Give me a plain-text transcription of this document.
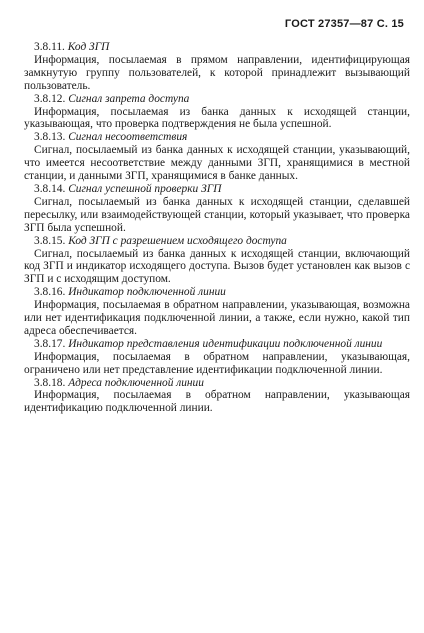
ГОСТ 27357—87 С. 15

3.8.11. Код ЗГП

Информация, посылаемая в прямом направлении, идентифицирующая замкнутую группу пользователей, к которой принадлежит вызывающий пользователь.

3.8.12. Сигнал запрета доступа

Информация, посылаемая из банка данных к исходящей станции, указывающая, что проверка подтверждения не была успешной.

3.8.13. Сигнал несоответствия

Сигнал, посылаемый из банка данных к исходящей станции, указывающий, что имеется несоответствие между данными ЗГП, хранящимися в местной станции, и данными ЗГП, хранящимися в банке данных.

3.8.14. Сигнал успешной проверки ЗГП

Сигнал, посылаемый из банка данных к исходящей станции, сделавшей пересылку, или взаимодействующей станции, который указывает, что проверка ЗГП была успешной.

3.8.15. Код ЗГП с разрешением исходящего доступа

Сигнал, посылаемый из банка данных к исходящей станции, включающий код ЗГП и индикатор исходящего доступа. Вызов будет установлен как вызов с ЗГП и с исходящим доступом.

3.8.16. Индикатор подключенной линии

Информация, посылаемая в обратном направлении, указывающая, возможна или нет идентификация подключенной линии, а также, если нужно, какой тип адреса обеспечивается.

3.8.17. Индикатор представления идентификации подключенной линии

Информация, посылаемая в обратном направлении, указывающая, ограничено или нет представление идентификации подключенной линии.

3.8.18. Адреса подключенной линии

Информация, посылаемая в обратном направлении, указывающая идентификацию подключенной линии.
